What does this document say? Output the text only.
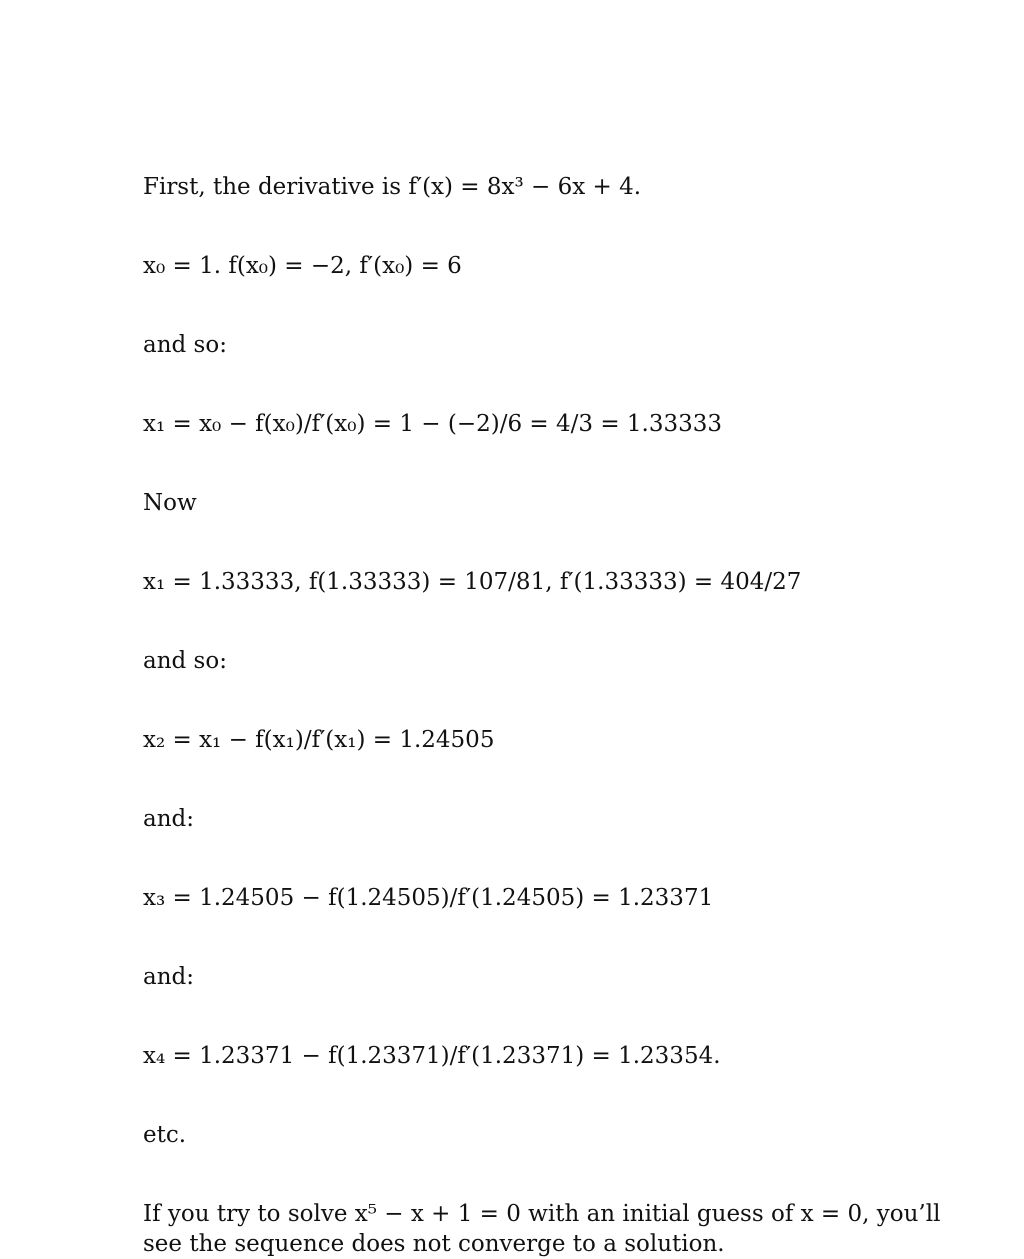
First, the derivative is f′(x) = 8x³ − 6x + 4.
x₀ = 1. f(x₀) = −2, f′(x₀) = 6
and so:
x₁ = x₀ − f(x₀)/f′(x₀) = 1 − (−2)/6 = 4/3 = 1.33333
Now
x₁ = 1.33333, f(1.33333) = 107/81, f′(1.33333) = 404/27
and so:
x₂ = x₁ − f(x₁)/f′(x₁) = 1.24505
and:
x₃ = 1.24505 − f(1.24505)/f′(1.24505) = 1.23371
and:
x₄ = 1.23371 − f(1.23371)/f′(1.23371) = 1.23354.
etc.
If you try to solve x⁵ − x + 1 = 0 with an initial guess of x = 0, you’ll see the sequence does not converge to a solution.
